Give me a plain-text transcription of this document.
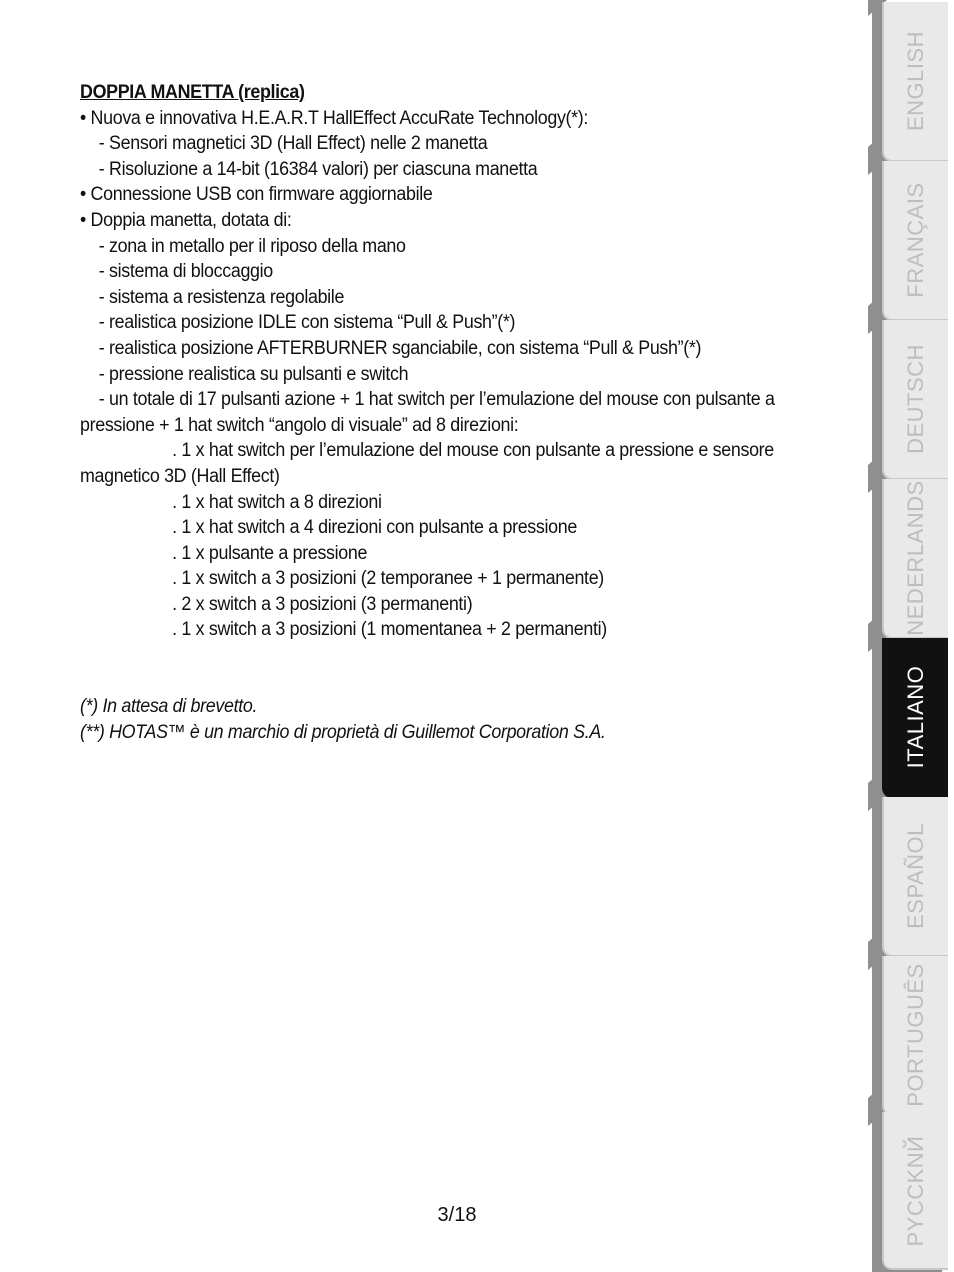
DOPPIA MANETTA (replica)

• Nuova e innovativa H.E.A.R.T HallEffect AccuRate Technology(*):

- Sensori magnetici 3D (Hall Effect) nelle 2 manetta

- Risoluzione a 14-bit (16384 valori) per ciascuna manetta

• Connessione USB con firmware aggiornabile

• Doppia manetta, dotata di:

- zona in metallo per il riposo della mano

- sistema di bloccaggio

- sistema a resistenza regolabile

- realistica posizione IDLE con sistema “Pull & Push”(*)

- realistica posizione AFTERBURNER sganciabile, con sistema “Pull & Push”(*)

- pressione realistica su pulsanti e switch

- un totale di 17 pulsanti azione + 1 hat switch per l’emulazione del mouse con pulsante a

pressione + 1 hat switch “angolo di visuale” ad 8 direzioni:

. 1 x hat switch per l’emulazione del mouse con pulsante a pressione e sensore

magnetico 3D (Hall Effect)

. 1 x hat switch a 8 direzioni

. 1 x hat switch a 4 direzioni con pulsante a pressione

. 1 x pulsante a pressione

. 1 x switch a 3 posizioni (2 temporanee + 1 permanente)

. 2 x switch a 3 posizioni (3 permanenti)

. 1 x switch a 3 posizioni (1 momentanea + 2 permanenti)

(*) In attesa di brevetto.

(**) HOTAS™ è un marchio di proprietà di Guillemot Corporation S.A.

3/18
ENGLISH
FRANÇAIS
DEUTSCH
NEDERLANDS
ITALIANO
ESPAÑOL
PORTUGUÊS
PYCCKNЙ
